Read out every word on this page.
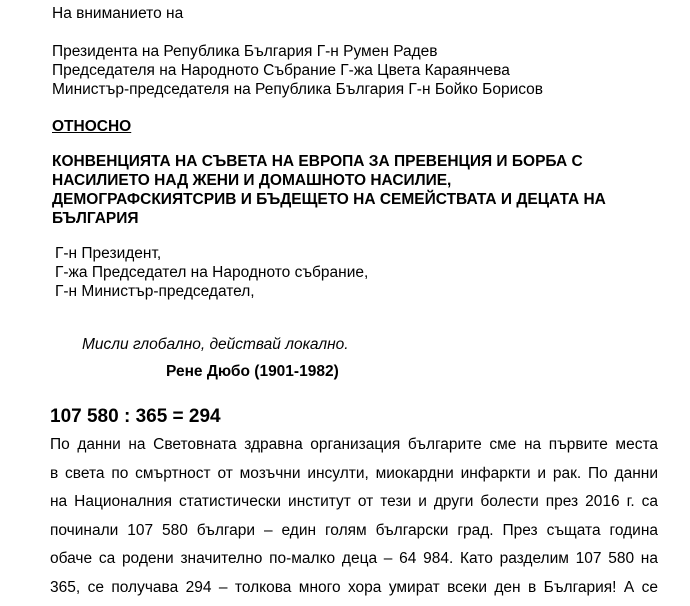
На вниманието на
Президента на Република България Г-н Румен Радев
Председателя на Народното Събрание Г-жа Цвета Караянчева
Министър-председателя на Република България Г-н Бойко Борисов
ОТНОСНО
КОНВЕНЦИЯТА НА СЪВЕТА НА ЕВРОПА ЗА ПРЕВЕНЦИЯ И БОРБА С
НАСИЛИЕТО НАД ЖЕНИ И ДОМАШНОТО НАСИЛИЕ,
ДЕМОГРАФСКИЯТСРИВ И БЪДЕЩЕТО НА СЕМЕЙСТВАТА И ДЕЦАТА НА
БЪЛГАРИЯ
Г-н Президент,
Г-жа Председател на Народното събрание,
Г-н Министър-председател,
Мисли глобално, действай локално.
Рене Дюбо (1901-1982)
107 580 : 365 = 294
По данни на Световната здравна организация българите сме на първите места
в света по смъртност от мозъчни инсулти, миокардни инфаркти и рак. По данни
на Националния статистически институт от тези и други болести през 2016 г. са
починали 107 580 българи – един голям български град. През същата година
обаче са родени значително по-малко деца – 64 984. Като разделим 107 580 на
365, се получава 294 – толкова много хора умират всеки ден в България! А се
